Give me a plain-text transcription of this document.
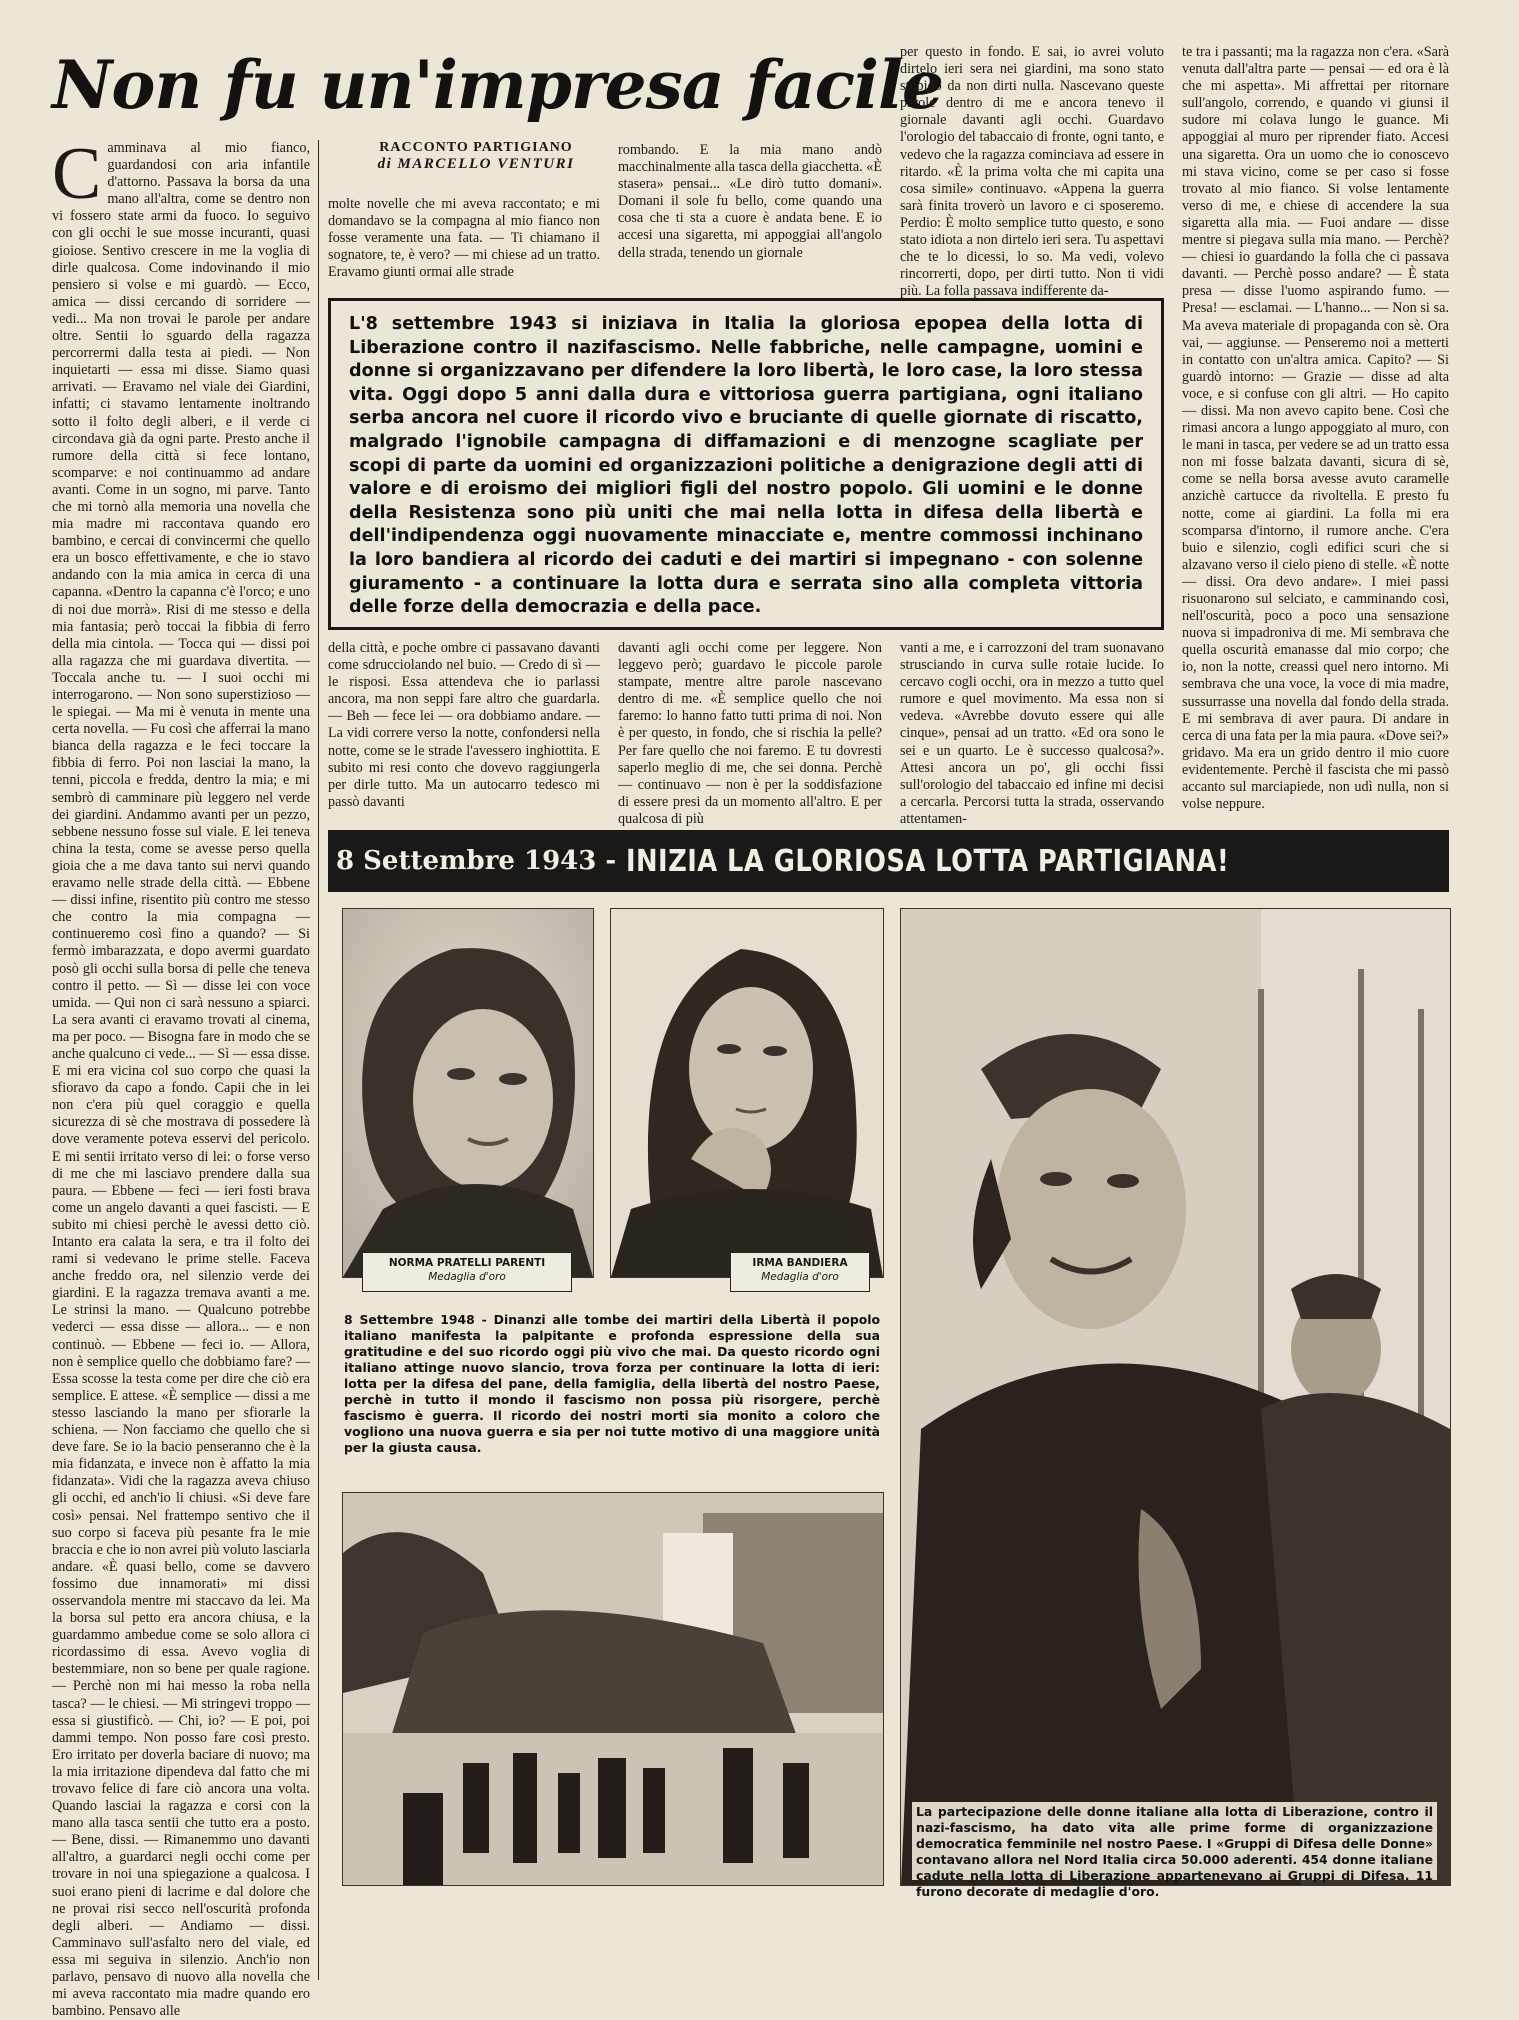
Non fu un'impresa facile
RACCONTO PARTIGIANO
di MARCELLO VENTURI
Camminava al mio fianco, guardandosi con aria infantile d'attorno. Passava la borsa da una mano all'altra, come se dentro non vi fossero state armi da fuoco. Io seguivo con gli occhi le sue mosse incuranti, quasi gioiose. Sentivo crescere in me la voglia di dirle qualcosa. Come indovinando il mio pensiero si volse e mi guardò. — Ecco, amica — dissi cercando di sorridere — vedi... Ma non trovai le parole per andare oltre. Sentii lo sguardo della ragazza percorrermi dalla testa ai piedi. — Non inquietarti — essa mi disse. Siamo quasi arrivati. — Eravamo nel viale dei Giardini, infatti; ci stavamo lentamente inoltrando sotto il folto degli alberi, e il verde ci circondava già da ogni parte. Presto anche il rumore della città si fece lontano, scomparve: e noi continuammo ad andare avanti. Come in un sogno, mi parve. Tanto che mi tornò alla memoria una novella che mia madre mi raccontava quando ero bambino, e cercai di convincermi che quello era un bosco effettivamente, e che io stavo andando con la mia amica in cerca di una capanna. «Dentro la capanna c'è l'orco; e uno di noi due morrà». Risi di me stesso e della mia fantasia; però toccai la fibbia di ferro della mia cintola. — Tocca qui — dissi poi alla ragazza che mi guardava divertita. — Toccala anche tu. — I suoi occhi mi interrogarono. — Non sono superstizioso — le spiegai. — Ma mi è venuta in mente una certa novella. — Fu così che afferrai la mano bianca della ragazza e le feci toccare la fibbia di ferro. Poi non lasciai la mano, la tenni, piccola e fredda, dentro la mia; e mi sembrò di camminare più leggero nel verde dei giardini. Andammo avanti per un pezzo, sebbene nessuno fosse sul viale. E lei teneva china la testa, come se avesse perso quella gioia che a me dava tanto sui nervi quando eravamo nelle strade della città. — Ebbene — dissi infine, risentito più contro me stesso che contro la mia compagna — continueremo così fino a quando? — Si fermò imbarazzata, e dopo avermi guardato posò gli occhi sulla borsa di pelle che teneva contro il petto. — Sì — disse lei con voce umida. — Qui non ci sarà nessuno a spiarci. La sera avanti ci eravamo trovati al cinema, ma per poco. — Bisogna fare in modo che se anche qualcuno ci vede... — Sì — essa disse. E mi era vicina col suo corpo che quasi la sfioravo da capo a fondo. Capii che in lei non c'era più quel coraggio e quella sicurezza di sè che mostrava di possedere là dove veramente poteva esservi del pericolo. E mi sentii irritato verso di lei: o forse verso di me che mi lasciavo prendere dalla sua paura. — Ebbene — feci — ieri fosti brava come un angelo davanti a quei fascisti. — E subito mi chiesi perchè le avessi detto ciò. Intanto era calata la sera, e tra il folto dei rami si vedevano le prime stelle. Faceva anche freddo ora, nel silenzio verde dei giardini. E la ragazza tremava avanti a me. Le strinsi la mano. — Qualcuno potrebbe vederci — essa disse — allora... — e non continuò. — Ebbene — feci io. — Allora, non è semplice quello che dobbiamo fare? — Essa scosse la testa come per dire che ciò era semplice. E attese. «È semplice — dissi a me stesso lasciando la mano per sfiorarle la schiena. — Non facciamo che quello che si deve fare. Se io la bacio penseranno che è la mia fidanzata, e invece non è affatto la mia fidanzata». Vidi che la ragazza aveva chiuso gli occhi, ed anch'io li chiusi. «Si deve fare così» pensai. Nel frattempo sentivo che il suo corpo si faceva più pesante fra le mie braccia e che io non avrei più voluto lasciarla andare. «È quasi bello, come se davvero fossimo due innamorati» mi dissi osservandola mentre mi staccavo da lei. Ma la borsa sul petto era ancora chiusa, e la guardammo ambedue come se solo allora ci ricordassimo di essa. Avevo voglia di bestemmiare, non so bene per quale ragione. — Perchè non mi hai messo la roba nella tasca? — le chiesi. — Mi stringevi troppo — essa si giustificò. — Chi, io? — E poi, poi dammi tempo. Non posso fare così presto. Ero irritato per doverla baciare di nuovo; ma la mia irritazione dipendeva dal fatto che mi trovavo felice di fare ciò ancora una volta. Quando lasciai la ragazza e corsi con la mano alla tasca sentii che tutto era a posto. — Bene, dissi. — Rimanemmo uno davanti all'altro, a guardarci negli occhi come per trovare in noi una spiegazione a qualcosa. I suoi erano pieni di lacrime e dal dolore che ne provai risi secco nell'oscurità profonda degli alberi. — Andiamo — dissi. Camminavo sull'asfalto nero del viale, ed essa mi seguiva in silenzio. Anch'io non parlavo, pensavo di nuovo alla novella che mi aveva raccontato mia madre quando ero bambino. Pensavo alle
molte novelle che mi aveva raccontato; e mi domandavo se la compagna al mio fianco non fosse veramente una fata. — Ti chiamano il sognatore, te, è vero? — mi chiese ad un tratto. Eravamo giunti ormai alle strade
rombando. E la mia mano andò macchinalmente alla tasca della giacchetta. «È stasera» pensai... «Le dirò tutto domani». Domani il sole fu bello, come quando una cosa che ti sta a cuore è andata bene. E io accesi una sigaretta, mi appoggiai all'angolo della strada, tenendo un giornale
per questo in fondo. E sai, io avrei voluto dirtelo ieri sera nei giardini, ma sono stato stupido da non dirti nulla. Nascevano queste parole dentro di me e ancora tenevo il giornale davanti agli occhi. Guardavo l'orologio del tabaccaio di fronte, ogni tanto, e vedevo che la ragazza cominciava ad essere in ritardo. «È la prima volta che mi capita una cosa simile» continuavo. «Appena la guerra sarà finita troverò un lavoro e ci sposeremo. Perdio: È molto semplice tutto questo, e sono stato idiota a non dirtelo ieri sera. Tu aspettavi che te lo dicessi, lo so. Ma vedi, volevo rincorrerti, dopo, per dirti tutto. Non ti vidi più. La folla passava indifferente da-
te tra i passanti; ma la ragazza non c'era. «Sarà venuta dall'altra parte — pensai — ed ora è là che mi aspetta». Mi affrettai per ritornare sull'angolo, correndo, e quando vi giunsi il sudore mi colava lungo le guance. Mi appoggiai al muro per riprender fiato. Accesi una sigaretta. Ora un uomo che io conoscevo mi stava vicino, come se per caso si fosse trovato al mio fianco. Si volse lentamente verso di me, e chiese di accendere la sua sigaretta alla mia. — Fuoi andare — disse mentre si piegava sulla mia mano. — Perchè? — chiesi io guardando la folla che ci passava davanti. — Perchè posso andare? — È stata presa — disse l'uomo aspirando fumo. — Presa! — esclamai. — L'hanno... — Non si sa. Ma aveva materiale di propaganda con sè. Ora vai, — aggiunse. — Penseremo noi a metterti in contatto con un'altra amica. Capito? — Si guardò intorno: — Grazie — disse ad alta voce, e si confuse con gli altri. — Ho capito — dissi. Ma non avevo capito bene. Così che rimasi ancora a lungo appoggiato al muro, con le mani in tasca, per vedere se ad un tratto essa non mi fosse balzata davanti, sicura di sè, come se nella borsa avesse avuto caramelle anzichè cartucce da rivoltella. E presto fu notte, come ai giardini. La folla mi era scomparsa d'intorno, il rumore anche. C'era buio e silenzio, cogli edifici scuri che si alzavano verso il cielo pieno di stelle. «È notte — dissi. Ora devo andare». I miei passi risuonarono sul selciato, e camminando così, nell'oscurità, poco a poco una sensazione nuova si impadroniva di me. Mi sembrava che quella oscurità emanasse dal mio corpo; che io, non la notte, creassi quel nero intorno. Mi sembrava che una voce, la voce di mia madre, sussurrasse una novella dal fondo della strada. E mi sembrava di aver paura. Di andare in cerca di una fata per la mia paura. «Dove sei?» gridavo. Ma era un grido dentro il mio cuore evidentemente. Perchè il fascista che mi passò accanto sul marciapiede, non udì nulla, non si volse neppure.
L'8 settembre 1943 si iniziava in Italia la gloriosa epopea della lotta di Liberazione contro il nazifascismo. Nelle fabbriche, nelle campagne, uomini e donne si organizzavano per difendere la loro libertà, le loro case, la loro stessa vita. Oggi dopo 5 anni dalla dura e vittoriosa guerra partigiana, ogni italiano serba ancora nel cuore il ricordo vivo e bruciante di quelle giornate di riscatto, malgrado l'ignobile campagna di diffamazioni e di menzogne scagliate per scopi di parte da uomini ed organizzazioni politiche a denigrazione degli atti di valore e di eroismo dei migliori figli del nostro popolo. Gli uomini e le donne della Resistenza sono più uniti che mai nella lotta in difesa della libertà e dell'indipendenza oggi nuovamente minacciate e, mentre commossi inchinano la loro bandiera al ricordo dei caduti e dei martiri si impegnano - con solenne giuramento - a continuare la lotta dura e serrata sino alla completa vittoria delle forze della democrazia e della pace.
della città, e poche ombre ci passavano davanti come sdrucciolando nel buio. — Credo di sì — le risposi. Essa attendeva che io parlassi ancora, ma non seppi fare altro che guardarla. — Beh — fece lei — ora dobbiamo andare. — La vidi correre verso la notte, confondersi nella notte, come se le strade l'avessero inghiottita. E subito mi resi conto che dovevo raggiungerla per dirle tutto. Ma un autocarro tedesco mi passò davanti
davanti agli occhi come per leggere. Non leggevo però; guardavo le piccole parole stampate, mentre altre parole nascevano dentro di me. «È semplice quello che noi faremo: lo hanno fatto tutti prima di noi. Non è per questo, in fondo, che si rischia la pelle? Per fare quello che noi faremo. E tu dovresti saperlo meglio di me, che sei donna. Perchè — continuavo — non è per la soddisfazione di essere presi da un momento all'altro. E per qualcosa di più
vanti a me, e i carrozzoni del tram suonavano strusciando in curva sulle rotaie lucide. Io cercavo cogli occhi, ora in mezzo a tutto quel rumore e quel movimento. Ma essa non si vedeva. «Avrebbe dovuto essere qui alle cinque», pensai ad un tratto. «Ed ora sono le sei e un quarto. Le è successo qualcosa?». Attesi ancora un po', gli occhi fissi sull'orologio del tabaccaio ed infine mi decisi a cercarla. Percorsi tutta la strada, osservando attentamen-
8 Settembre 1943 - INIZIA LA GLORIOSA LOTTA PARTIGIANA!
NORMA PRATELLI PARENTI
Medaglia d'oro
IRMA BANDIERA
Medaglia d'oro
8 Settembre 1948 - Dinanzi alle tombe dei martiri della Libertà il popolo italiano manifesta la palpitante e profonda espressione della sua gratitudine e del suo ricordo oggi più vivo che mai. Da questo ricordo ogni italiano attinge nuovo slancio, trova forza per continuare la lotta di ieri: lotta per la difesa del pane, della famiglia, della libertà del nostro Paese, perchè in tutto il mondo il fascismo non possa più risorgere, perchè fascismo è guerra. Il ricordo dei nostri morti sia monito a coloro che vogliono una nuova guerra e sia per noi tutte motivo di una maggiore unità per la giusta causa.
La partecipazione delle donne italiane alla lotta di Liberazione, contro il nazi-fascismo, ha dato vita alle prime forme di organizzazione democratica femminile nel nostro Paese. I «Gruppi di Difesa delle Donne» contavano allora nel Nord Italia circa 50.000 aderenti. 454 donne italiane cadute nella lotta di Liberazione appartenevano ai Gruppi di Difesa. 11 furono decorate di medaglie d'oro.
